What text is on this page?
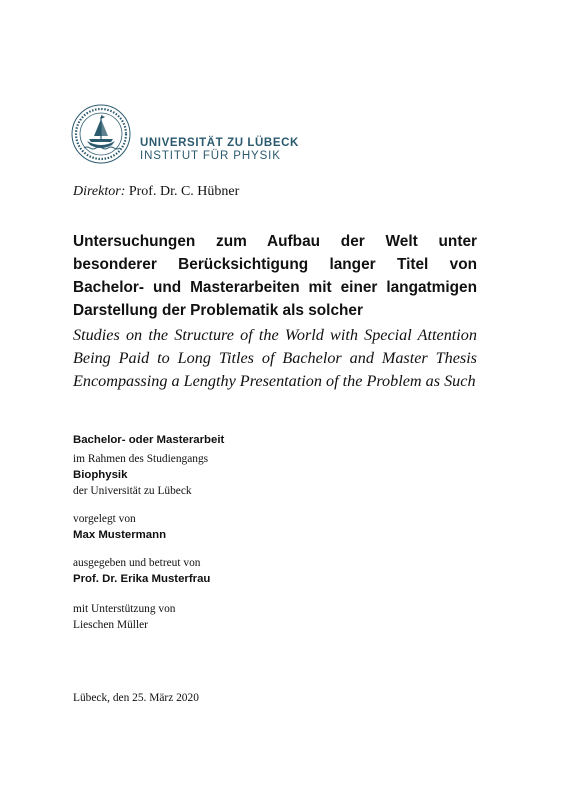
UNIVERSITÄT ZU LÜBECK
INSTITUT FÜR PHYSIK
Direktor: Prof. Dr. C. Hübner

Untersuchungen zum Aufbau der Welt unter besonderer Berücksichtigung langer Titel von Bachelor- und Masterarbeiten mit einer langatmigen Darstellung der Problematik als solcher

Studies on the Structure of the World with Special Attention Being Paid to Long Titles of Bachelor and Master Thesis Encompassing a Lengthy Presentation of the Problem as Such

Bachelor- oder Masterarbeit
im Rahmen des Studiengangs
Biophysik
der Universität zu Lübeck
vorgelegt von
Max Mustermann
ausgegeben und betreut von
Prof. Dr. Erika Musterfrau
mit Unterstützung von
Lieschen Müller
Lübeck, den 25. März 2020
